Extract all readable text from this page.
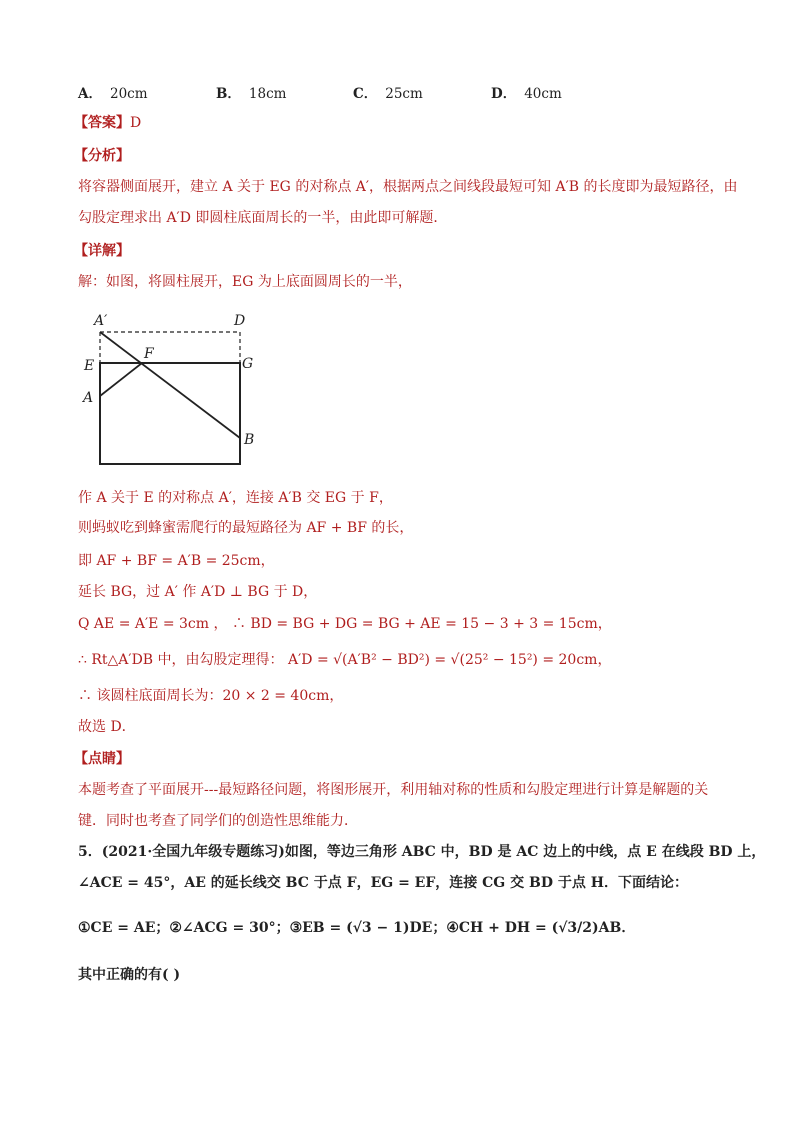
A． 20cm	B． 18cm	C． 25cm	D． 40cm
【答案】D
【分析】
将容器侧面展开，建立 A 关于 EG 的对称点 A′，根据两点之间线段最短可知 A′B 的长度即为最短路径，由
勾股定理求出 A′D 即圆柱底面周长的一半，由此即可解题．
【详解】
解：如图，将圆柱展开，EG 为上底面圆周长的一半，
A′	D
E
F
G
A
B
作 A 关于 E 的对称点 A′，连接 A′B 交 EG 于 F，
则蚂蚁吃到蜂蜜需爬行的最短路径为 AF + BF 的长，
即 AF + BF = A′B = 25cm，
延长 BG，过 A′ 作 A′D ⊥ BG 于 D，
Q AE = A′E = 3cm ， ∴ BD = BG + DG = BG + AE = 15 − 3 + 3 = 15cm，
∴ Rt△A′DB 中，由勾股定理得： A′D = √(A′B² − BD²) = √(25² − 15²) = 20cm，
∴ 该圆柱底面周长为：20 × 2 = 40cm，
故选 D．
【点睛】
本题考查了平面展开---最短路径问题，将图形展开，利用轴对称的性质和勾股定理进行计算是解题的关
键．同时也考查了同学们的创造性思维能力．
5．(2021·全国九年级专题练习)如图，等边三角形 ABC 中，BD 是 AC 边上的中线，点 E 在线段 BD 上，
∠ACE = 45°，AE 的延长线交 BC 于点 F，EG = EF，连接 CG 交 BD 于点 H．下面结论：
①CE = AE；②∠ACG = 30°；③EB = (√3 − 1)DE；④CH + DH = (√3/2)AB．
其中正确的有( )
